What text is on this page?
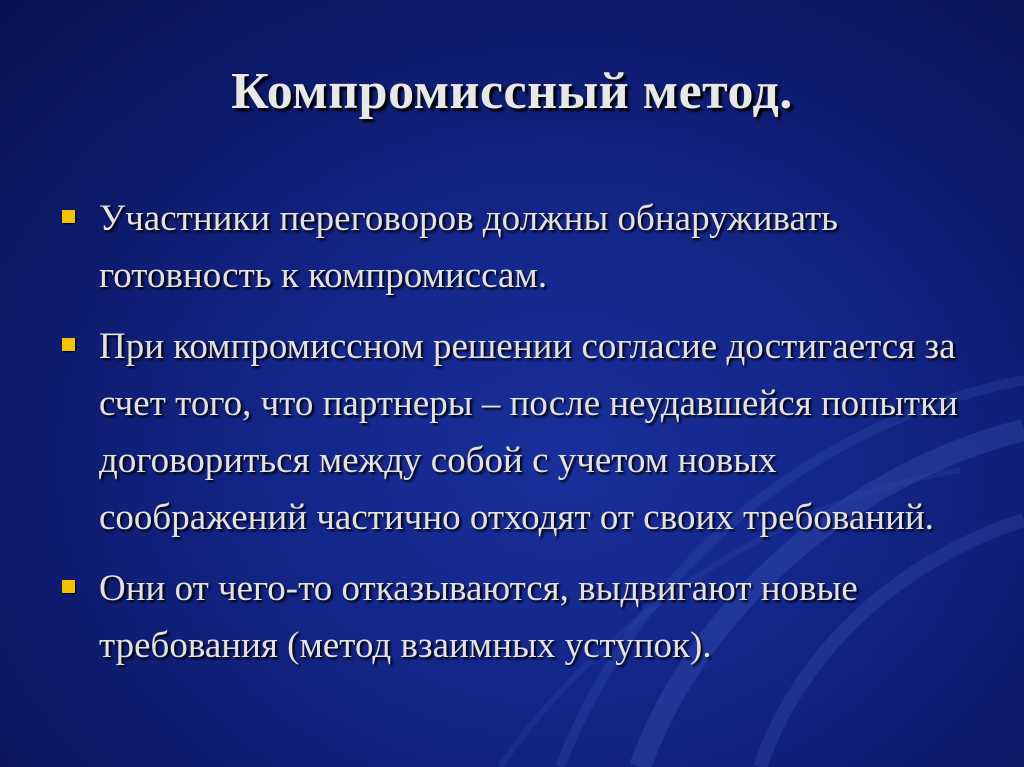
Компромиссный метод.
Участники переговоров должны обнаруживать готовность к компромиссам.
При компромиссном решении согласие достигается за счет того, что партнеры – после неудавшейся попытки договориться между собой с учетом новых соображений частично отходят от своих требований.
Они от чего-то отказываются, выдвигают новые требования (метод взаимных уступок).
